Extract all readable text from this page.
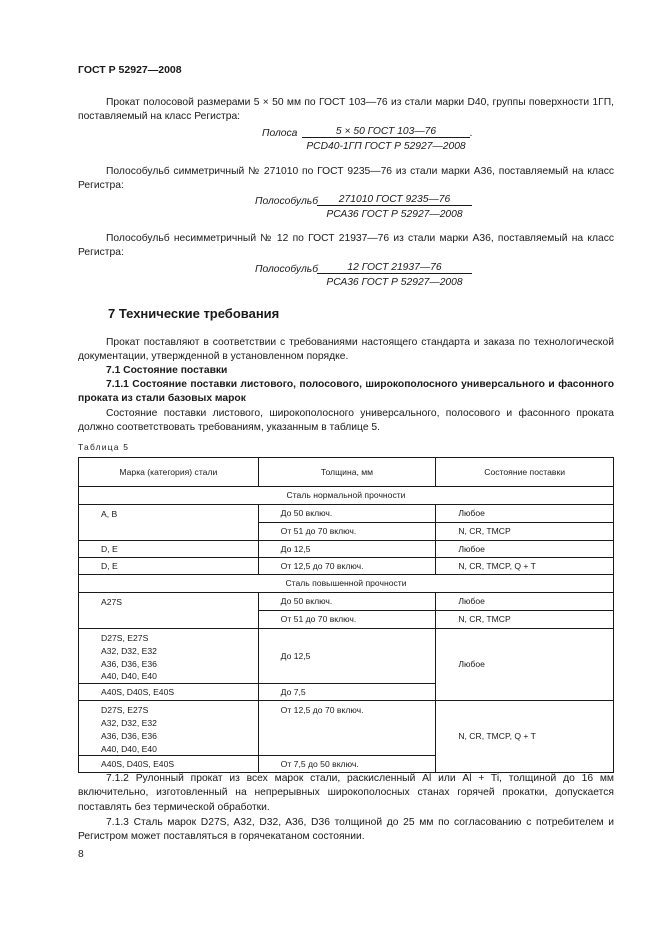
ГОСТ Р 52927—2008
Прокат полосовой размерами 5 × 50 мм по ГОСТ 103—76 из стали марки D40, группы поверхности 1ГП, поставляемый на класс Регистра:
Полоса	5 × 50 ГОСТ 103—76
PCD40-1ГП ГОСТ Р 52927—2008
.
Полособульб симметричный № 271010 по ГОСТ 9235—76 из стали марки А36, поставляемый на класс Регистра:
Полособульб	271010 ГОСТ 9235—76
РСА36 ГОСТ Р 52927—2008
Полособульб несимметричный № 12 по ГОСТ 21937—76 из стали марки А36, поставляемый на класс Регистра:
Полособульб	12 ГОСТ 21937—76
РСА36 ГОСТ Р 52927—2008
7 Технические требования
Прокат поставляют в соответствии с требованиями настоящего стандарта и заказа по технологической документации, утвержденной в установленном порядке.
7.1 Состояние поставки
7.1.1 Состояние поставки листового, полосового, широкополосного универсального и фасонного проката из стали базовых марок
Состояние поставки листового, широкополосного универсального, полосового и фасонного проката должно соответствовать требованиям, указанным в таблице 5.
Таблица 5
Марка (категория) стали	Толщина, мм	Состояние поставки
Сталь нормальной прочности		
A, B	До 50 включ.	Любое
	От 51 до 70 включ.	N, CR, TMCP
D, E	До 12,5	Любое
D, E	От 12,5 до 70 включ.	N, CR, TMCP, Q + T
Сталь повышенной прочности		
A27S	До 50 включ.	Любое
	От 51 до 70 включ.	N, CR, TMCP

D27S, E27S
A32, D32, E32
A36, D36, E36
A40, D40, E40	До 12,5	Любое
A40S, D40S, E40S	До 7,5	

D27S, E27S
A32, D32, E32
A36, D36, E36
A40, D40, E40	От 12,5 до 70 включ.	N, CR, TMCP, Q + T
A40S, D40S, E40S	От 7,5 до 50 включ.	
7.1.2 Рулонный прокат из всех марок стали, раскисленный Al или Al + Ti, толщиной до 16 мм включительно, изготовленный на непрерывных широкополосных станах горячей прокатки, допускается поставлять без термической обработки.
7.1.3 Сталь марок D27S, A32, D32, A36, D36 толщиной до 25 мм по согласованию с потребителем и Регистром может поставляться в горячекатаном состоянии.
8
